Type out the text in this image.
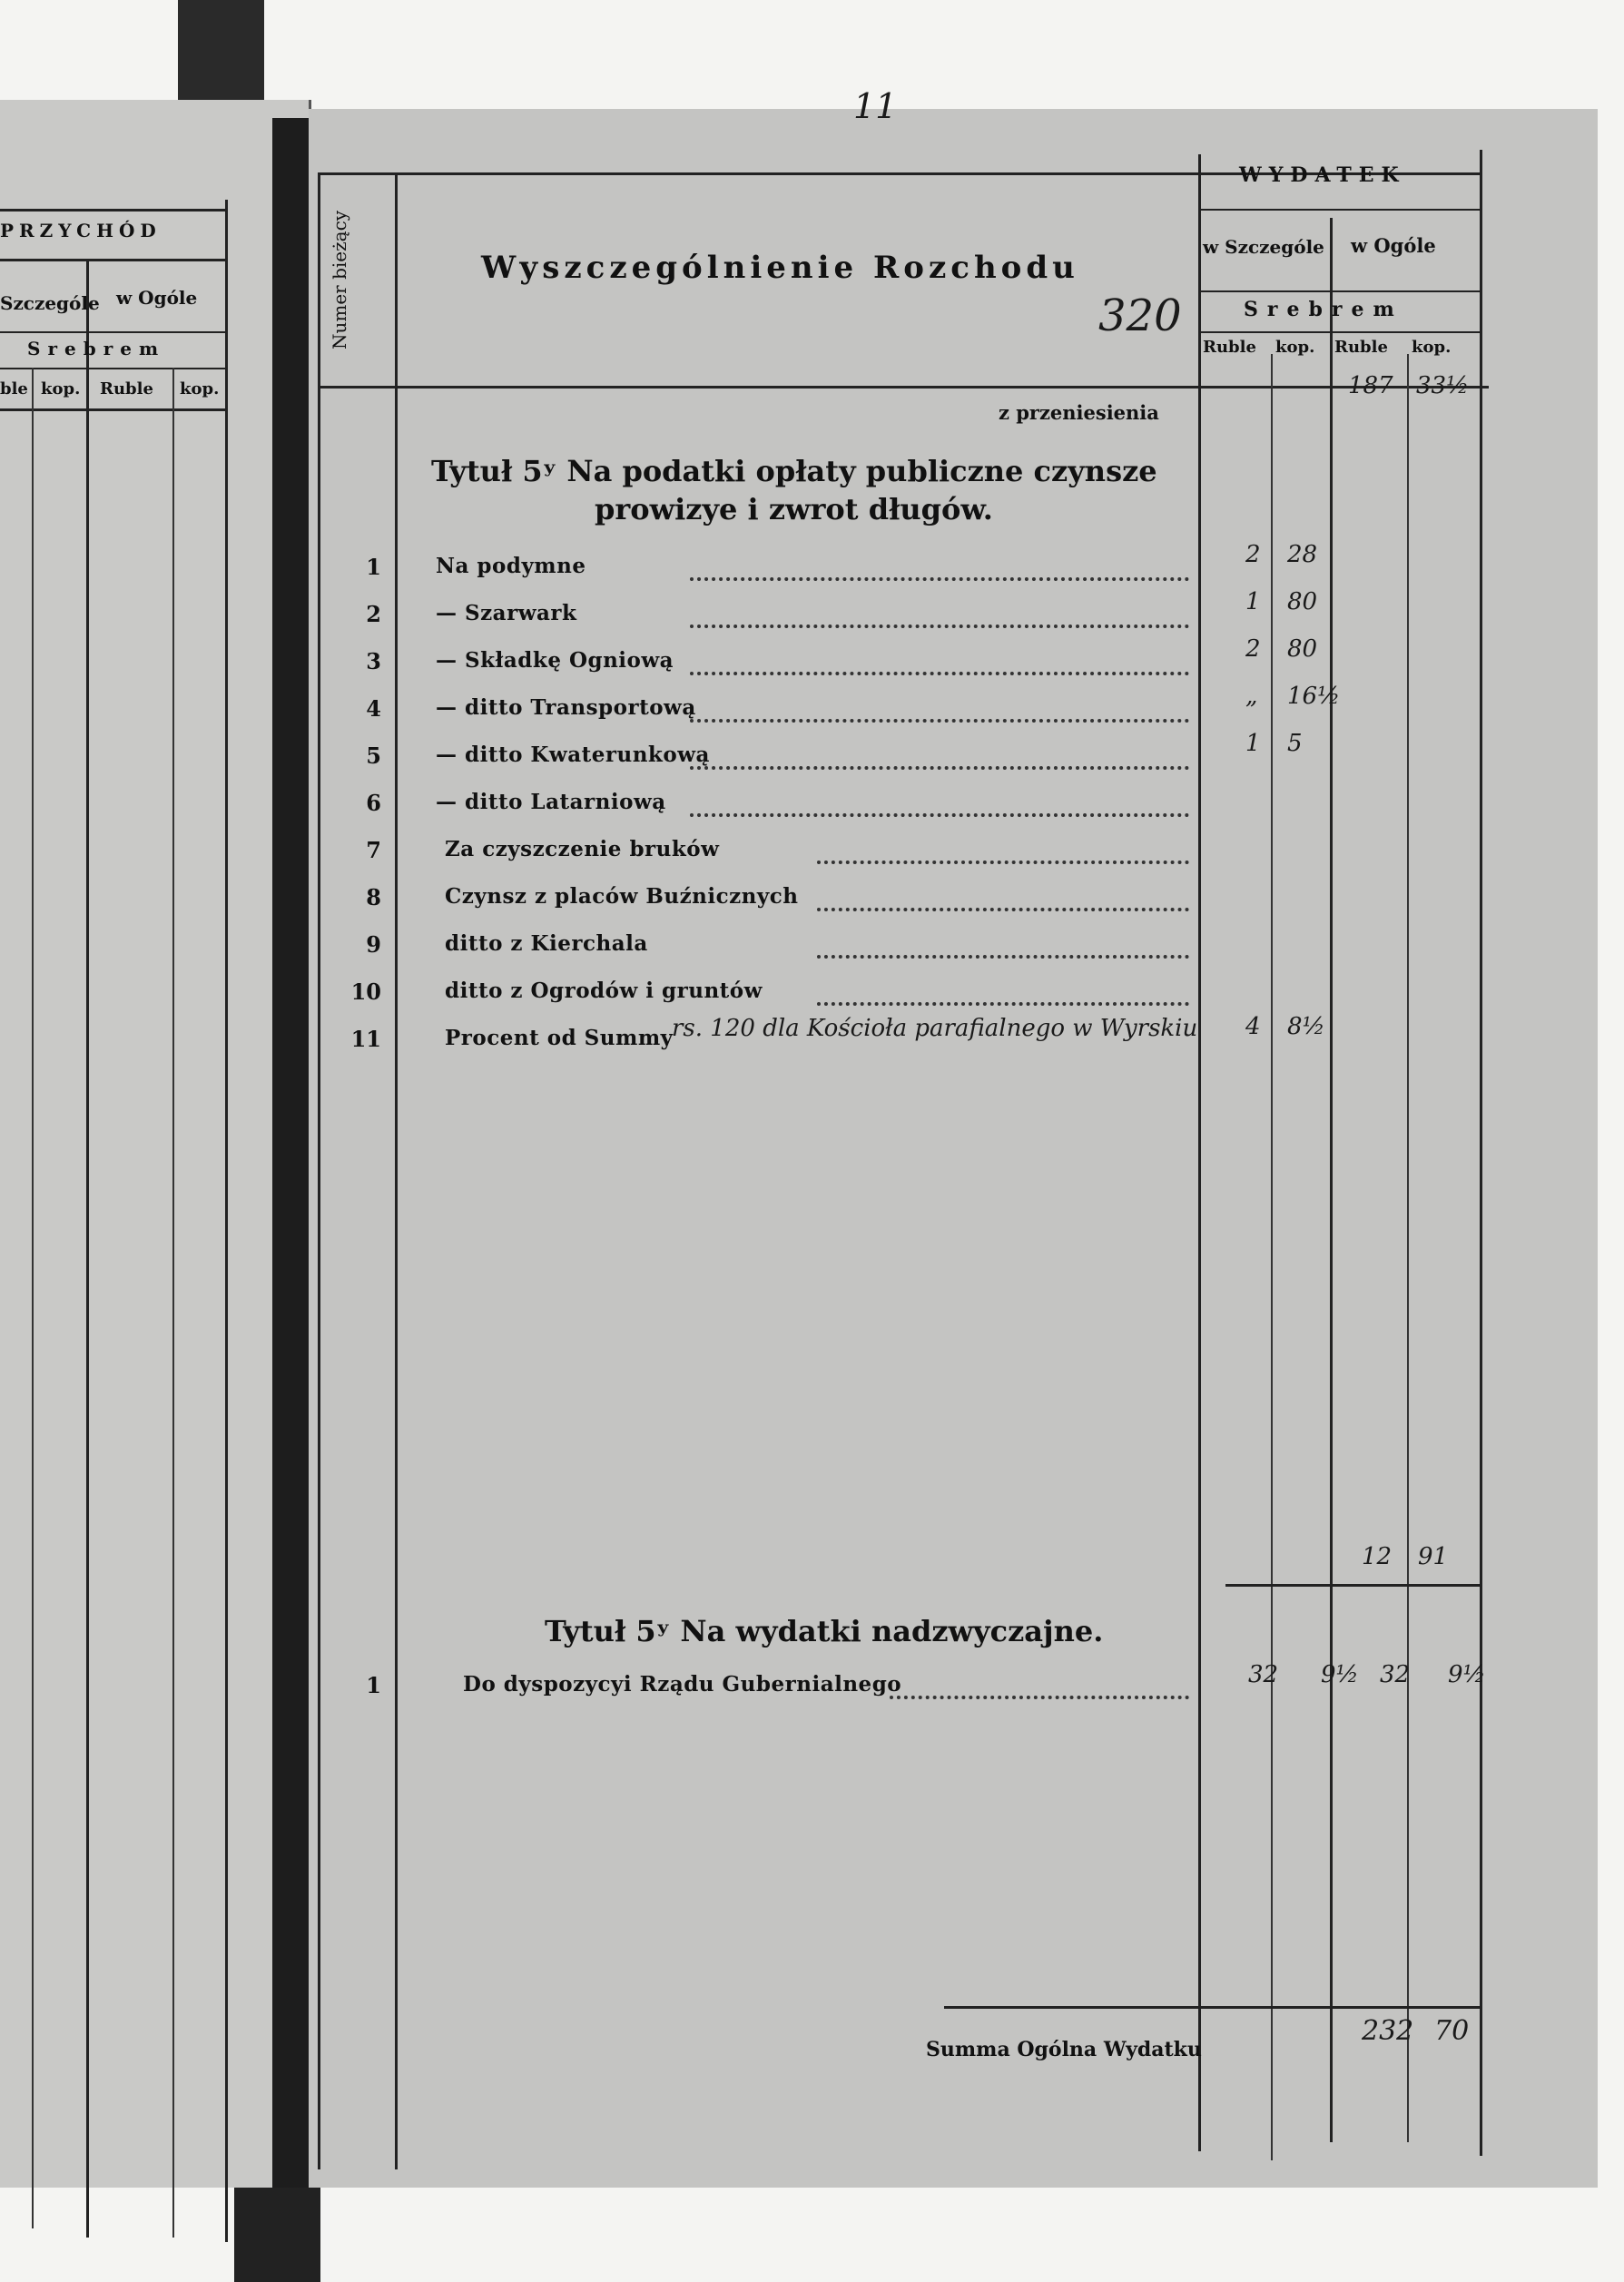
PRZYCHÓD
Szczególe w Ogóle
Srebrem
ble kop. Ruble kop.
11
Numer bieżący	Wyszczególnienie Rozchodu
320
WYDATEK
w Szczególe w Ogóle
Srebrem
Ruble kop. Ruble kop.
z przeniesienia
187 33½
Tytuł 5ʸ Na podatki opłaty publiczne czynsze
prowizye i zwrot długów.
1	Na podymne	2 28
2	— Szarwark	1 80
3	— Składkę Ogniową	2 80
4	— ditto Transportową	„ 16½
5	— ditto Kwaterunkową	1 5
6	— ditto Latarniową
7	Za czyszczenie bruków
8	Czynsz z placów Buźnicznych
9	ditto z Kierchala
10	ditto z Ogrodów i gruntów
11	Procent od Summy
rs. 120 dla Kościoła parafialnego w Wyrskiu 4 8½
12 91
Tytuł 5ʸ Na wydatki nadzwyczajne.
1	Do dyspozycyi Rządu Gubernialnego	32 9½ 32 9½
Summa Ogólna Wydatku
232 70
